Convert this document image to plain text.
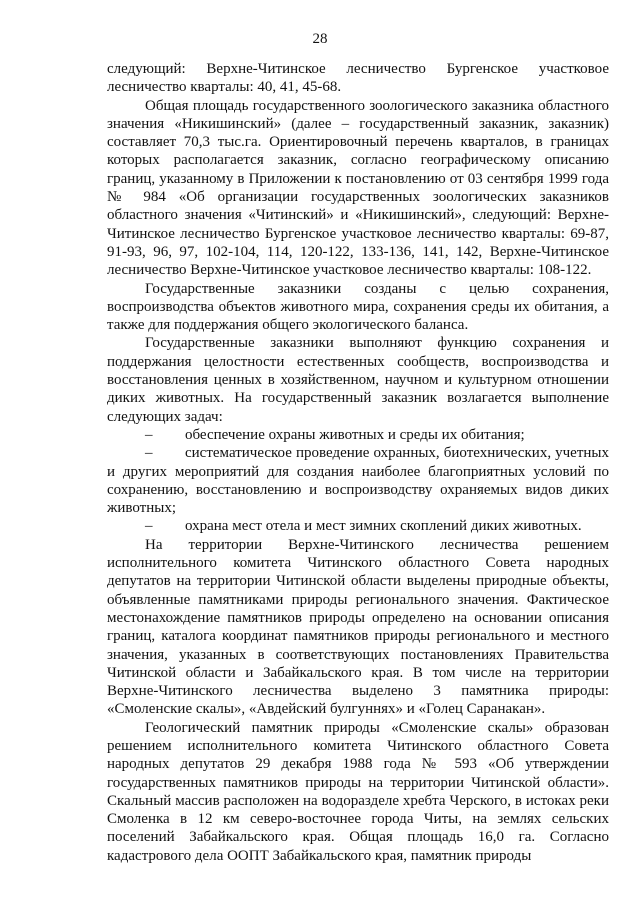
28

следующий: Верхне-Читинское лесничество Бургенское участковое лесничество кварталы: 40, 41, 45-68.

Общая площадь государственного зоологического заказника областного значения «Никишинский» (далее – государственный заказник, заказник) составляет 70,3 тыс.га. Ориентировочный перечень кварталов, в границах которых располагается заказник, согласно географическому описанию границ, указанному в Приложении к постановлению от 03 сентября 1999 года № 984 «Об организации государственных зоологических заказников областного значения «Читинский» и «Никишинский», следующий: Верхне-Читинское лесничество Бургенское участковое лесничество кварталы: 69-87, 91-93, 96, 97, 102-104, 114, 120-122, 133-136, 141, 142, Верхне-Читинское лесничество Верхне-Читинское участковое лесничество кварталы: 108-122.

Государственные заказники созданы с целью сохранения, воспроизводства объектов животного мира, сохранения среды их обитания, а также для поддержания общего экологического баланса.

Государственные заказники выполняют функцию сохранения и поддержания целостности естественных сообществ, воспроизводства и восстановления ценных в хозяйственном, научном и культурном отношении диких животных. На государственный заказник возлагается выполнение следующих задач:

– обеспечение охраны животных и среды их обитания;
– систематическое проведение охранных, биотехнических, учетных и других мероприятий для создания наиболее благоприятных условий по сохранению, восстановлению и воспроизводству охраняемых видов диких животных;
– охрана мест отела и мест зимних скоплений диких животных.

На территории Верхне-Читинского лесничества решением исполнительного комитета Читинского областного Совета народных депутатов на территории Читинской области выделены природные объекты, объявленные памятниками природы регионального значения. Фактическое местонахождение памятников природы определено на основании описания границ, каталога координат памятников природы регионального и местного значения, указанных в соответствующих постановлениях Правительства Читинской области и Забайкальского края. В том числе на территории Верхне-Читинского лесничества выделено 3 памятника природы: «Смоленские скалы», «Авдейский булгуннях» и «Голец Саранакан».

Геологический памятник природы «Смоленские скалы» образован решением исполнительного комитета Читинского областного Совета народных депутатов 29 декабря 1988 года № 593 «Об утверждении государственных памятников природы на территории Читинской области». Скальный массив расположен на водоразделе хребта Черского, в истоках реки Смоленка в 12 км северо-восточнее города Читы, на землях сельских поселений Забайкальского края. Общая площадь 16,0 га. Согласно кадастрового дела ООПТ Забайкальского края, памятник природы
